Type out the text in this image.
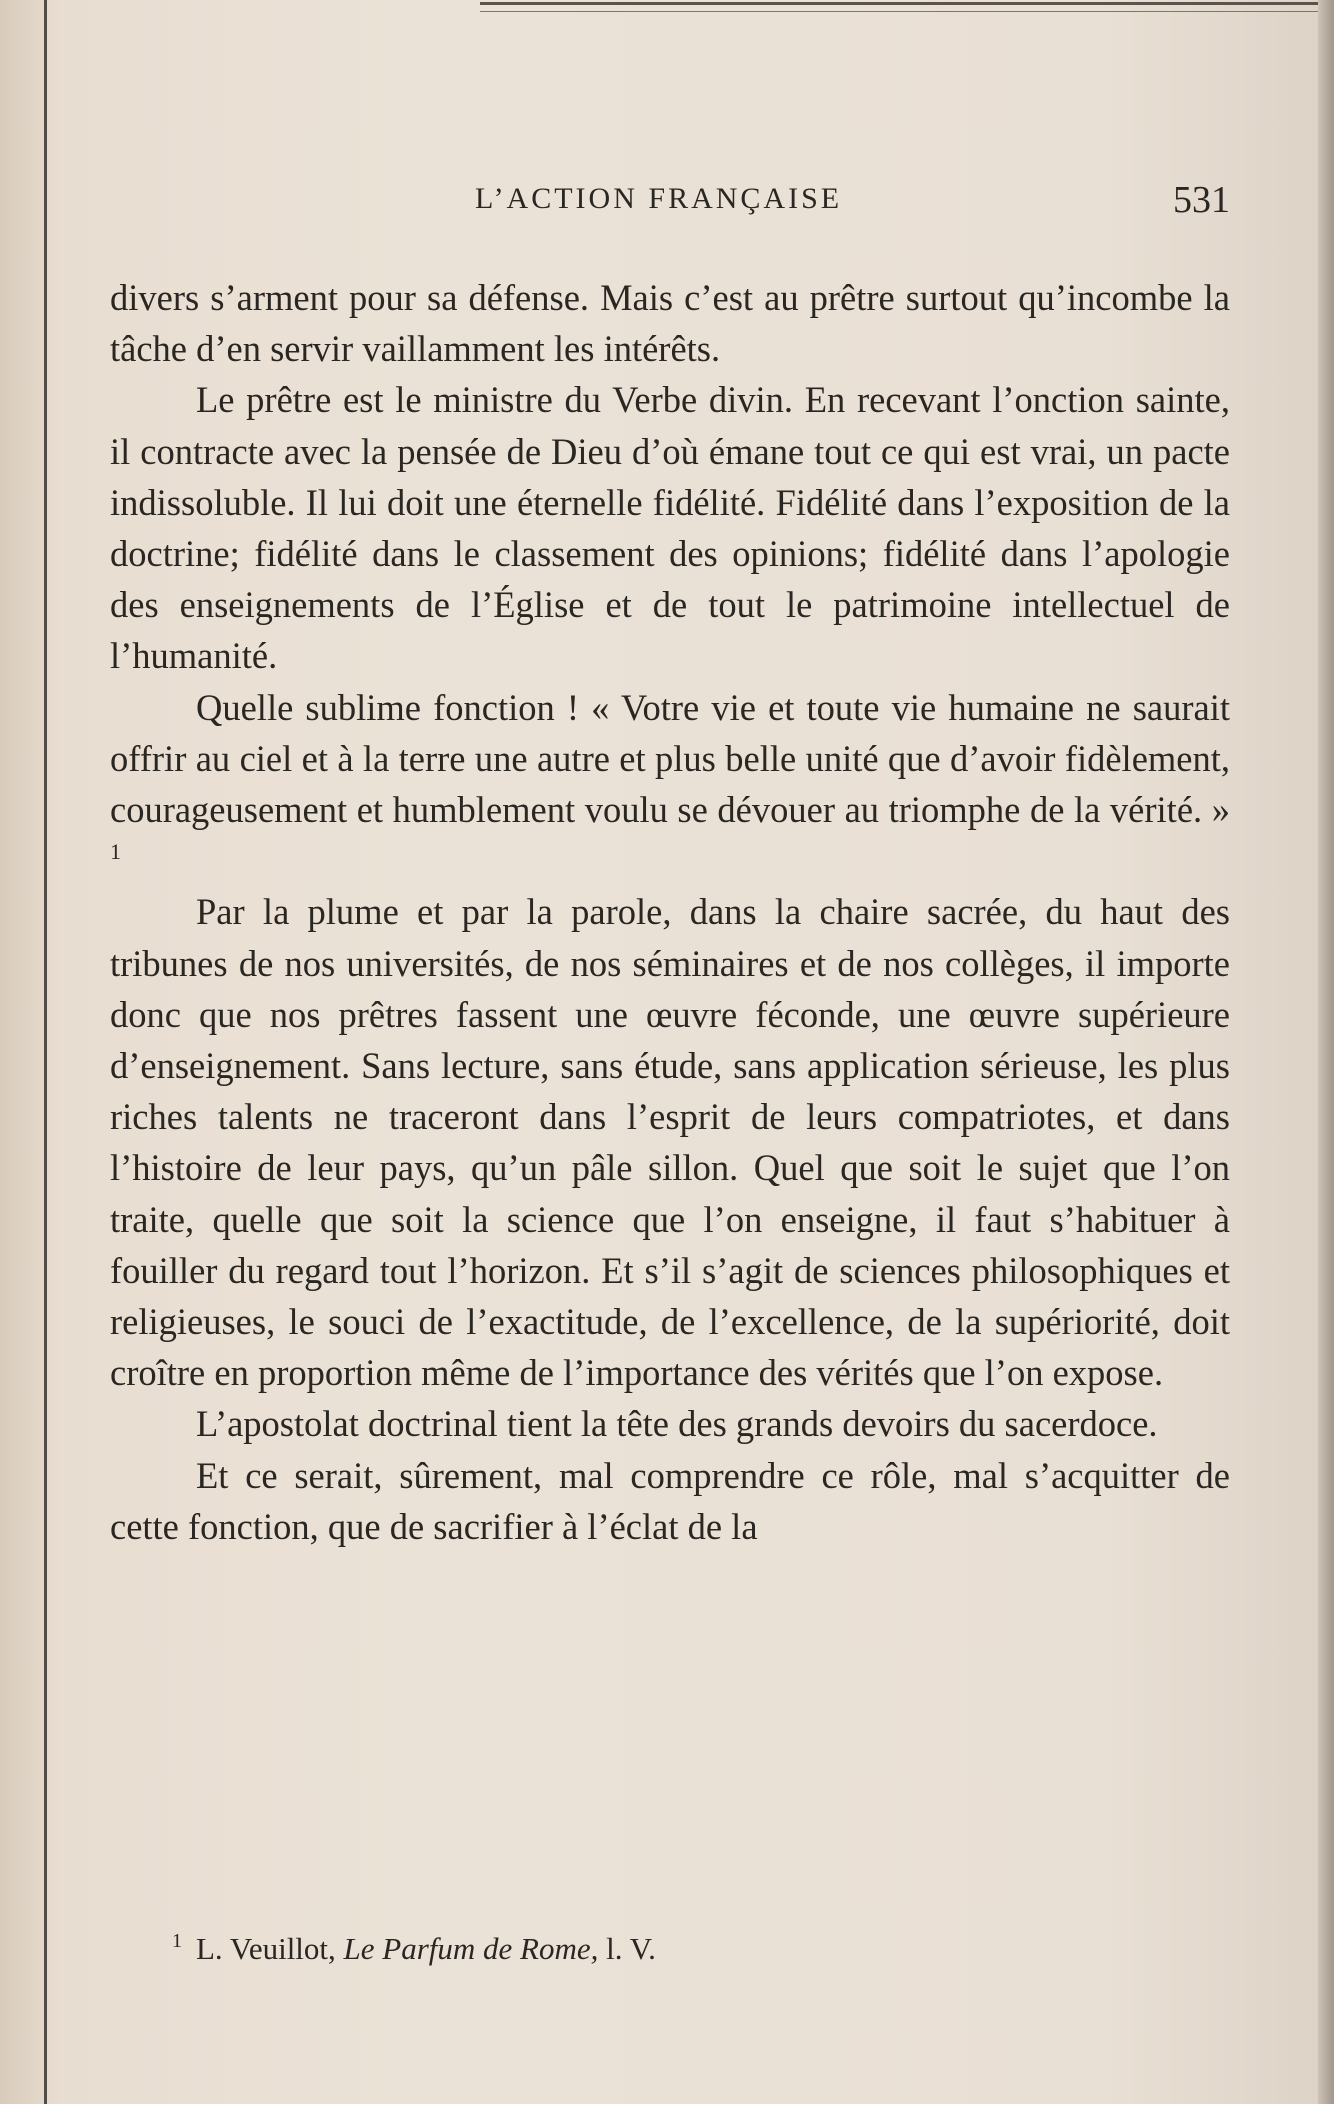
L’ACTION FRANÇAISE	531

divers s’arment pour sa défense. Mais c’est au prêtre surtout qu’incombe la tâche d’en servir vaillamment les intérêts.

Le prêtre est le ministre du Verbe divin. En recevant l’onction sainte, il contracte avec la pensée de Dieu d’où émane tout ce qui est vrai, un pacte indissoluble. Il lui doit une éternelle fidélité. Fidélité dans l’exposition de la doctrine; fidélité dans le classement des opinions; fidélité dans l’apologie des enseignements de l’Église et de tout le patrimoine intellectuel de l’humanité.

Quelle sublime fonction ! « Votre vie et toute vie humaine ne saurait offrir au ciel et à la terre une autre et plus belle unité que d’avoir fidèlement, courageusement et humblement voulu se dévouer au triomphe de la vérité. » $^1$

Par la plume et par la parole, dans la chaire sacrée, du haut des tribunes de nos universités, de nos séminaires et de nos collèges, il importe donc que nos prêtres fassent une œuvre féconde, une œuvre supérieure d’enseignement. Sans lecture, sans étude, sans application sérieuse, les plus riches talents ne traceront dans l’esprit de leurs compatriotes, et dans l’histoire de leur pays, qu’un pâle sillon. Quel que soit le sujet que l’on traite, quelle que soit la science que l’on enseigne, il faut s’habituer à fouiller du regard tout l’horizon. Et s’il s’agit de sciences philosophiques et religieuses, le souci de l’exactitude, de l’excellence, de la supériorité, doit croître en proportion même de l’importance des vérités que l’on expose.

L’apostolat doctrinal tient la tête des grands devoirs du sacerdoce.

Et ce serait, sûrement, mal comprendre ce rôle, mal s’acquitter de cette fonction, que de sacrifier à l’éclat de la

$^1$ L. Veuillot, Le Parfum de Rome, l. V.
